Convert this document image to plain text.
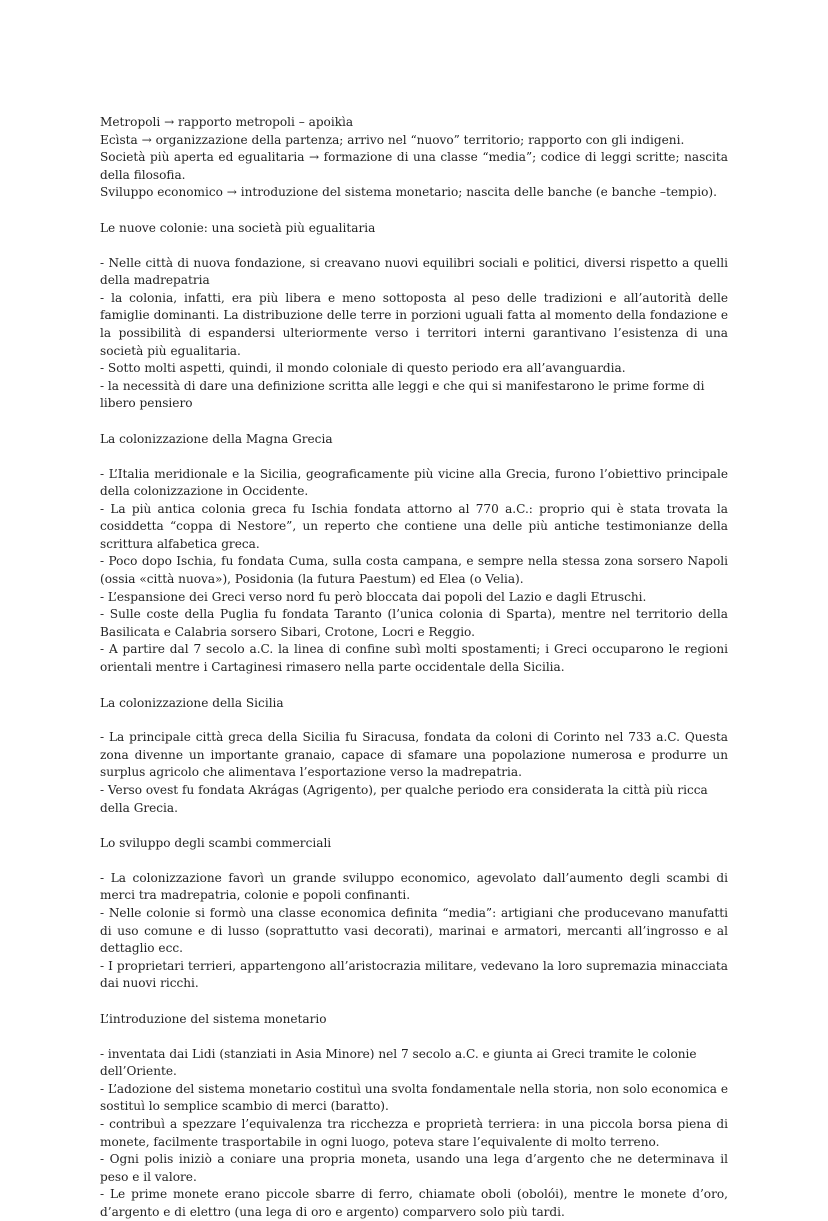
Metropoli → rapporto metropoli – apoikìa

Ecìsta → organizzazione della partenza; arrivo nel “nuovo” territorio; rapporto con gli indigeni.

Società più aperta ed egualitaria → formazione di una classe “media”; codice di leggi scritte; nascita della filosofia.

Sviluppo economico → introduzione del sistema monetario; nascita delle banche (e banche –tempio).

Le nuove colonie: una società più egualitaria

- Nelle città di nuova fondazione, si creavano nuovi equilibri sociali e politici, diversi rispetto a quelli della madrepatria

- la colonia, infatti, era più libera e meno sottoposta al peso delle tradizioni e all’autorità delle famiglie dominanti. La distribuzione delle terre in porzioni uguali fatta al momento della fondazione e la possibilità di espandersi ulteriormente verso i territori interni garantivano l’esistenza di una società più egualitaria.

- Sotto molti aspetti, quindi, il mondo coloniale di questo periodo era all’avanguardia.

- la necessità di dare una definizione scritta alle leggi e che qui si manifestarono le prime forme di libero pensiero

La colonizzazione della Magna Grecia

- L’Italia meridionale e la Sicilia, geograficamente più vicine alla Grecia, furono l’obiettivo principale della colonizzazione in Occidente.

- La più antica colonia greca fu Ischia fondata attorno al 770 a.C.: proprio qui è stata trovata la cosiddetta “coppa di Nestore”, un reperto che contiene una delle più antiche testimonianze della scrittura alfabetica greca.

- Poco dopo Ischia, fu fondata Cuma, sulla costa campana, e sempre nella stessa zona sorsero Napoli (ossia «città nuova»), Posidonia (la futura Paestum) ed Elea (o Velia).

- L’espansione dei Greci verso nord fu però bloccata dai popoli del Lazio e dagli Etruschi.

- Sulle coste della Puglia fu fondata Taranto (l’unica colonia di Sparta), mentre nel territorio della Basilicata e Calabria sorsero Sibari, Crotone, Locri e Reggio.

- A partire dal 7 secolo a.C. la linea di confine subì molti spostamenti; i Greci occuparono le regioni orientali mentre i Cartaginesi rimasero nella parte occidentale della Sicilia.

La colonizzazione della Sicilia

- La principale città greca della Sicilia fu Siracusa, fondata da coloni di Corinto nel 733 a.C. Questa zona divenne un importante granaio, capace di sfamare una popolazione numerosa e produrre un surplus agricolo che alimentava l’esportazione verso la madrepatria.

- Verso ovest fu fondata Akrágas (Agrigento), per qualche periodo era considerata la città più ricca della Grecia.

Lo sviluppo degli scambi commerciali

- La colonizzazione favorì un grande sviluppo economico, agevolato dall’aumento degli scambi di merci tra madrepatria, colonie e popoli confinanti.

- Nelle colonie si formò una classe economica definita “media”: artigiani che producevano manufatti di uso comune e di lusso (soprattutto vasi decorati), marinai e armatori, mercanti all’ingrosso e al dettaglio ecc.

- I proprietari terrieri, appartengono all’aristocrazia militare, vedevano la loro supremazia minacciata dai nuovi ricchi.

L’introduzione del sistema monetario

- inventata dai Lidi (stanziati in Asia Minore) nel 7 secolo a.C. e giunta ai Greci tramite le colonie dell’Oriente.

- L’adozione del sistema monetario costituì una svolta fondamentale nella storia, non solo economica e sostituì lo semplice scambio di merci (baratto).

- contribuì a spezzare l’equivalenza tra ricchezza e proprietà terriera: in una piccola borsa piena di monete, facilmente trasportabile in ogni luogo, poteva stare l’equivalente di molto terreno.

- Ogni polis iniziò a coniare una propria moneta, usando una lega d’argento che ne determinava il peso e il valore.

- Le prime monete erano piccole sbarre di ferro, chiamate oboli (obolói), mentre le monete d’oro, d’argento e di elettro (una lega di oro e argento) comparvero solo più tardi.
